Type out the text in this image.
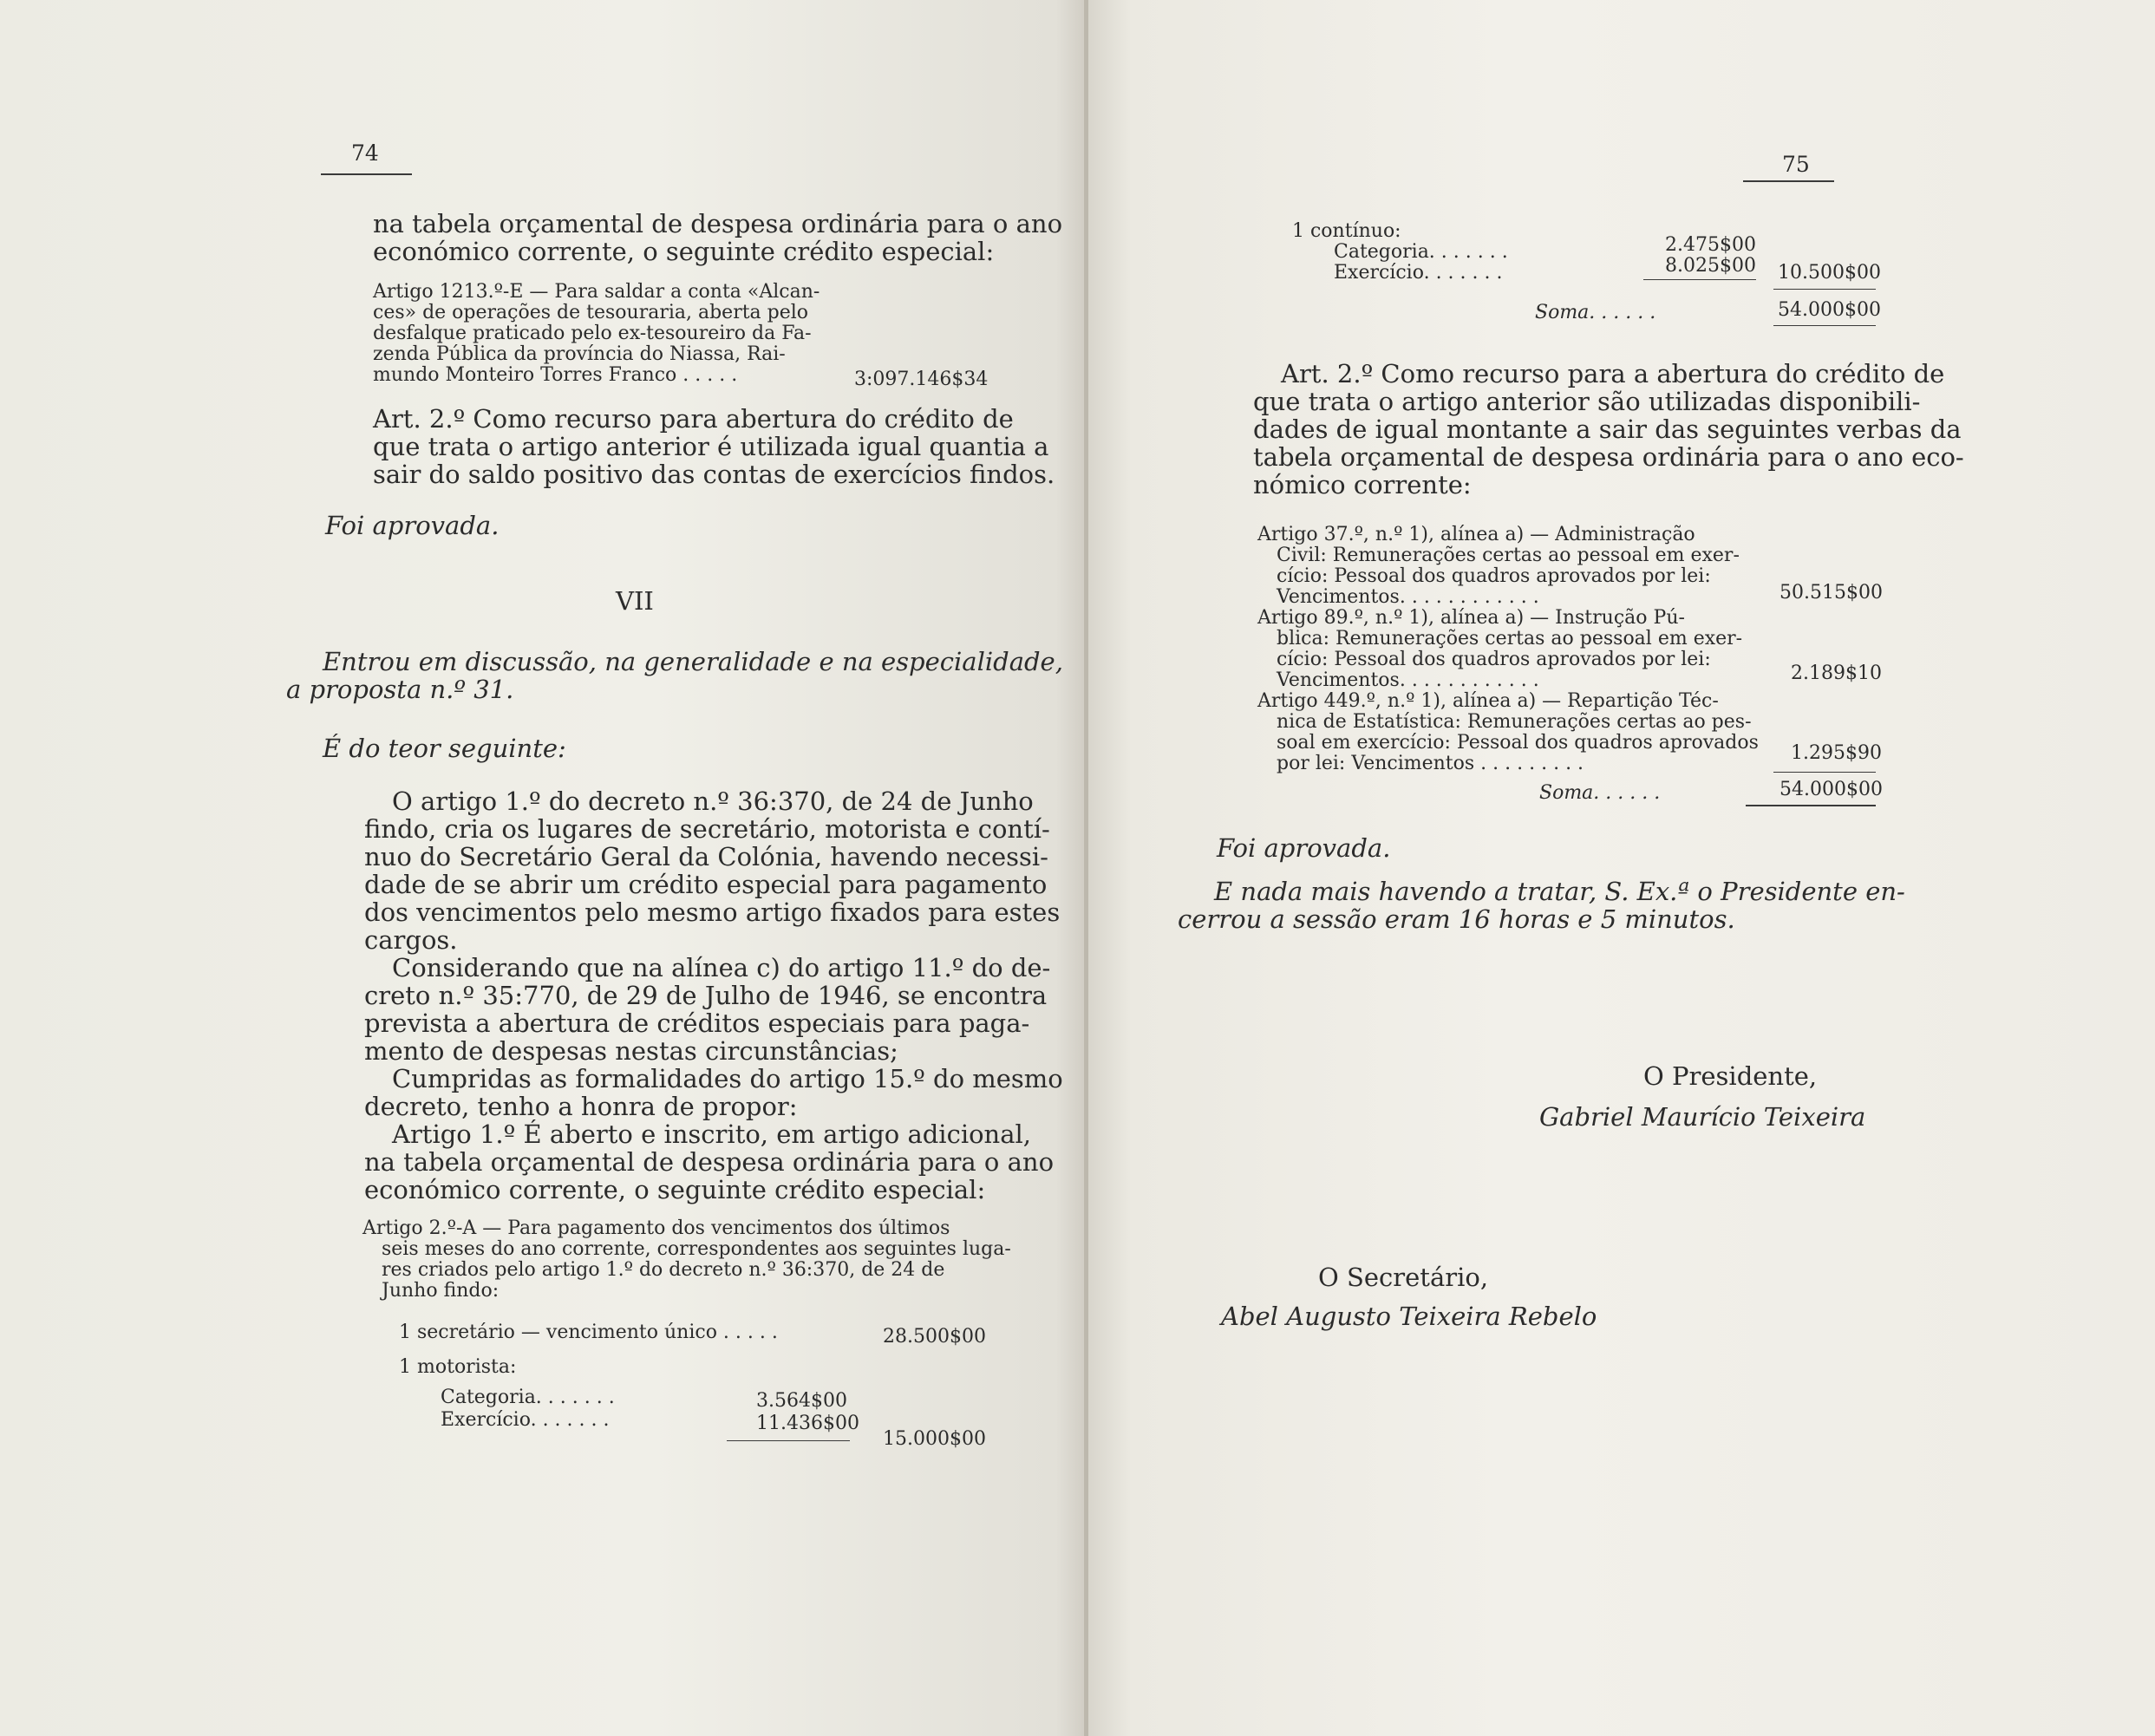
74
na tabela orçamental de despesa ordinária para o ano
económico corrente, o seguinte crédito especial:
Artigo 1213.º-E — Para saldar a conta «Alcan-
ces» de operações de tesouraria, aberta pelo
desfalque praticado pelo ex-tesoureiro da Fa-
zenda Pública da província do Niassa, Rai-
mundo Monteiro Torres Franco . . . . .	3:097.146$34
Art. 2.º Como recurso para abertura do crédito de
que trata o artigo anterior é utilizada igual quantia a
sair do saldo positivo das contas de exercícios findos.
Foi aprovada.
VII
Entrou em discussão, na generalidade e na especialidade,
a proposta n.º 31.
É do teor seguinte:
O artigo 1.º do decreto n.º 36:370, de 24 de Junho
findo, cria os lugares de secretário, motorista e contí-
nuo do Secretário Geral da Colónia, havendo necessi-
dade de se abrir um crédito especial para pagamento
dos vencimentos pelo mesmo artigo fixados para estes
cargos.
Considerando que na alínea c) do artigo 11.º do de-
creto n.º 35:770, de 29 de Julho de 1946, se encontra
prevista a abertura de créditos especiais para paga-
mento de despesas nestas circunstâncias;
Cumpridas as formalidades do artigo 15.º do mesmo
decreto, tenho a honra de propor:
Artigo 1.º É aberto e inscrito, em artigo adicional,
na tabela orçamental de despesa ordinária para o ano
económico corrente, o seguinte crédito especial:
Artigo 2.º-A — Para pagamento dos vencimentos dos últimos
seis meses do ano corrente, correspondentes aos seguintes luga-
res criados pelo artigo 1.º do decreto n.º 36:370, de 24 de
Junho findo:
1 secretário — vencimento único . . . . .	28.500$00
1 motorista:
Categoria. . . . . . .	3.564$00
Exercício. . . . . . .	11.436$00
15.000$00
75
1 contínuo:
Categoria. . . . . . .	2.475$00
Exercício. . . . . . .	8.025$00 10.500$00
Soma. . . . . .	54.000$00
Art. 2.º Como recurso para a abertura do crédito de
que trata o artigo anterior são utilizadas disponibili-
dades de igual montante a sair das seguintes verbas da
tabela orçamental de despesa ordinária para o ano eco-
nómico corrente:
Artigo 37.º, n.º 1), alínea a) — Administração
Civil: Remunerações certas ao pessoal em exer-
cício: Pessoal dos quadros aprovados por lei:
Vencimentos. . . . . . . . . . . .	50.515$00
Artigo 89.º, n.º 1), alínea a) — Instrução Pú-
blica: Remunerações certas ao pessoal em exer-
cício: Pessoal dos quadros aprovados por lei:
Vencimentos. . . . . . . . . . . .	2.189$10
Artigo 449.º, n.º 1), alínea a) — Repartição Téc-
nica de Estatística: Remunerações certas ao pes-
soal em exercício: Pessoal dos quadros aprovados
por lei: Vencimentos . . . . . . . . .	1.295$90
Soma. . . . . .	54.000$00
Foi aprovada.
E nada mais havendo a tratar, S. Ex.ª o Presidente en-
cerrou a sessão eram 16 horas e 5 minutos.
O Presidente,
Gabriel Maurício Teixeira
O Secretário,
Abel Augusto Teixeira Rebelo
